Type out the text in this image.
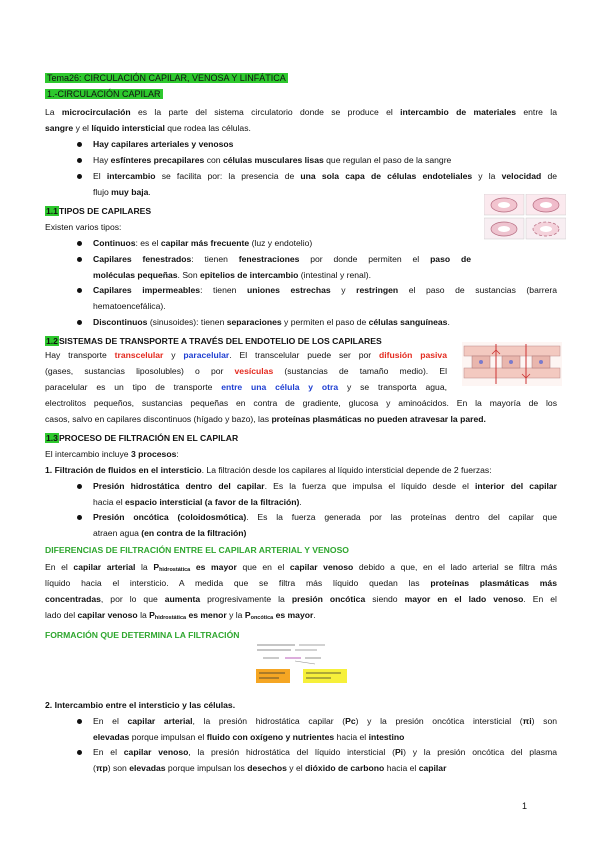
Tema26: CIRCULACIÓN CAPILAR, VENOSA Y LINFÁTICA
1.-CIRCULACIÓN CAPILAR
La microcirculación es la parte del sistema circulatorio donde se produce el intercambio de materiales entre la
sangre y el líquido intersticial que rodea las células.
Hay capilares arteriales y venosos
Hay esfínteres precapilares con células musculares lisas que regulan el paso de la sangre
El intercambio se facilita por: la presencia de una sola capa de células endoteliales y la velocidad de
flujo muy baja.
1.1TIPOS DE CAPILARES
Existen varios tipos:
Continuos: es el capilar más frecuente (luz y endotelio)
Capilares fenestrados: tienen fenestraciones por donde permiten el paso de
moléculas pequeñas. Son epitelios de intercambio (intestinal y renal).
Capilares impermeables: tienen uniones estrechas y restringen el paso de sustancias (barrera
hematoencefálica).
Discontinuos (sinusoides): tienen separaciones y permiten el paso de células sanguíneas.
1.2SISTEMAS DE TRANSPORTE A TRAVÉS DEL ENDOTELIO DE LOS CAPILARES
Hay transporte transcelular y paracelular. El transcelular puede ser por difusión pasiva
(gases, sustancias liposolubles) o por vesículas (sustancias de tamaño medio). El
paracelular es un tipo de transporte entre una célula y otra y se transporta agua,
electrolitos pequeños, sustancias pequeñas en contra de gradiente, glucosa y aminoácidos. En la mayoría de los
casos, salvo en capilares discontinuos (hígado y bazo), las proteínas plasmáticas no pueden atravesar la pared.
1.3PROCESO DE FILTRACIÓN EN EL CAPILAR
El intercambio incluye 3 procesos:
1. Filtración de fluidos en el intersticio. La filtración desde los capilares al líquido intersticial depende de 2 fuerzas:
Presión hidrostática dentro del capilar. Es la fuerza que impulsa el líquido desde el interior del capilar
hacia el espacio intersticial (a favor de la filtración).
Presión oncótica (coloidosmótica). Es la fuerza generada por las proteínas dentro del capilar que
atraen agua (en contra de la filtración)
DIFERENCIAS DE FILTRACIÓN ENTRE EL CAPILAR ARTERIAL Y VENOSO
En el capilar arterial la $P_{hidrostática}$ es mayor que en el capilar venoso debido a que, en el lado arterial se filtra más
líquido hacia el intersticio. A medida que se filtra más líquido quedan las proteínas plasmáticas más
concentradas, por lo que aumenta progresivamente la presión oncótica siendo mayor en el lado venoso. En el
lado del capilar venoso la $P_{hidrostática}$ es menor y la $P_{oncótica}$ es mayor.
FORMACIÓN QUE DETERMINA LA FILTRACIÓN
2. Intercambio entre el intersticio y las células.
En el capilar arterial, la presión hidrostática capilar (Pc) y la presión oncótica intersticial (πi) son
elevadas porque impulsan el fluido con oxígeno y nutrientes hacia el intestino
En el capilar venoso, la presión hidrostática del líquido intersticial (Pi) y la presión oncótica del plasma
(πp) son elevadas porque impulsan los desechos y el dióxido de carbono hacia el capilar
1
